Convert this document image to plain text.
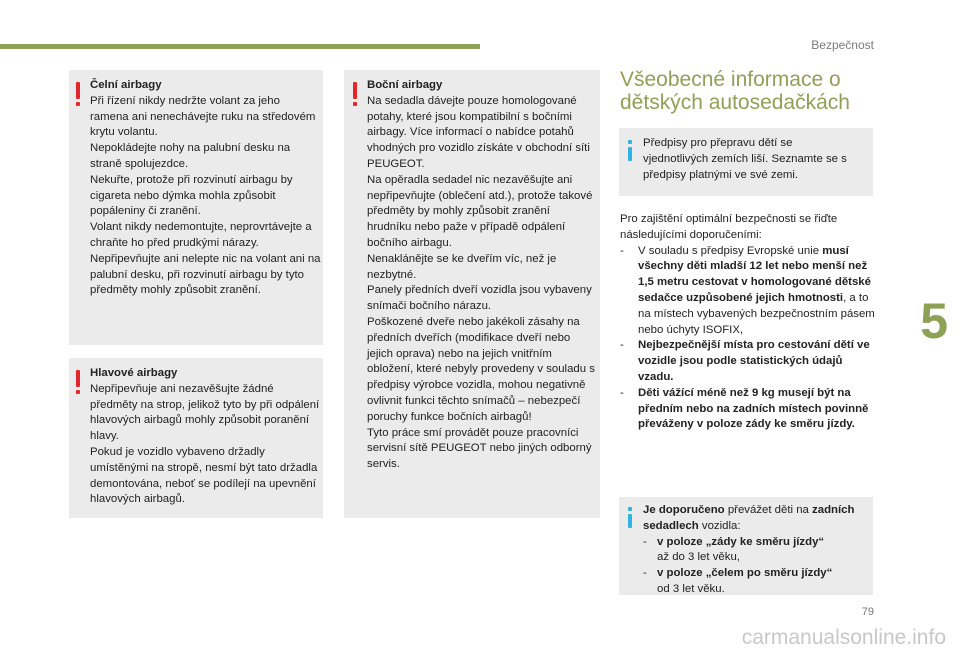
Bezpečnost
Čelní airbagy
Při řízení nikdy nedržte volant za jeho ramena ani nenechávejte ruku na středovém krytu volantu.
Nepokládejte nohy na palubní desku na straně spolujezdce.
Nekuřte, protože při rozvinutí airbagu by cigareta nebo dýmka mohla způsobit popáleniny či zranění.
Volant nikdy nedemontujte, neprovrtávejte a chraňte ho před prudkými nárazy.
Nepřipevňujte ani nelepte nic na volant ani na palubní desku, při rozvinutí airbagu by tyto předměty mohly způsobit zranění.
Hlavové airbagy
Nepřipevňuje ani nezavěšujte žádné předměty na strop, jelikož tyto by při odpálení hlavových airbagů mohly způsobit poranění hlavy.
Pokud je vozidlo vybaveno držadly umístěnými na stropě, nesmí být tato držadla demontována, neboť se podílejí na upevnění hlavových airbagů.
Boční airbagy
Na sedadla dávejte pouze homologované potahy, které jsou kompatibilní s bočními airbagy. Více informací o nabídce potahů vhodných pro vozidlo získáte v obchodní síti PEUGEOT.
Na opěradla sedadel nic nezavěšujte ani nepřipevňujte (oblečení atd.), protože takové předměty by mohly způsobit zranění hrudníku nebo paže v případě odpálení bočního airbagu.
Nenaklánějte se ke dveřím víc, než je nezbytné.
Panely předních dveří vozidla jsou vybaveny snímači bočního nárazu.
Poškozené dveře nebo jakékoli zásahy na předních dveřích (modifikace dveří nebo jejich oprava) nebo na jejich vnitřním obložení, které nebyly provedeny v souladu s předpisy výrobce vozidla, mohou negativně ovlivnit funkci těchto snímačů – nebezpečí poruchy funkce bočních airbagů!
Tyto práce smí provádět pouze pracovníci servisní sítě PEUGEOT nebo jiných odborný servis.
Všeobecné informace o
dětských autosedačkách
Předpisy pro přepravu dětí se vjednotlivých zemích liší. Seznamte se s předpisy platnými ve své zemi.
Pro zajištění optimální bezpečnosti se řiďte následujícími doporučeními:
- V souladu s předpisy Evropské unie musí všechny děti mladší 12 let nebo menší než 1,5 metru cestovat v homologované dětské sedačce uzpůsobené jejich hmotnosti, a to na místech vybavených bezpečnostním pásem nebo úchyty ISOFIX,
- Nejbezpečnější místa pro cestování dětí ve vozidle jsou podle statistických údajů vzadu.
- Děti vážící méně než 9 kg musejí být na předním nebo na zadních místech povinně převáženy v poloze zády ke směru jízdy.
Je doporučeno převážet děti na zadních sedadlech vozidla:
- v poloze „zády ke směru jízdy“
až do 3 let věku,
- v poloze „čelem po směru jízdy“
od 3 let věku.
5
79
carmanualsonline.info
